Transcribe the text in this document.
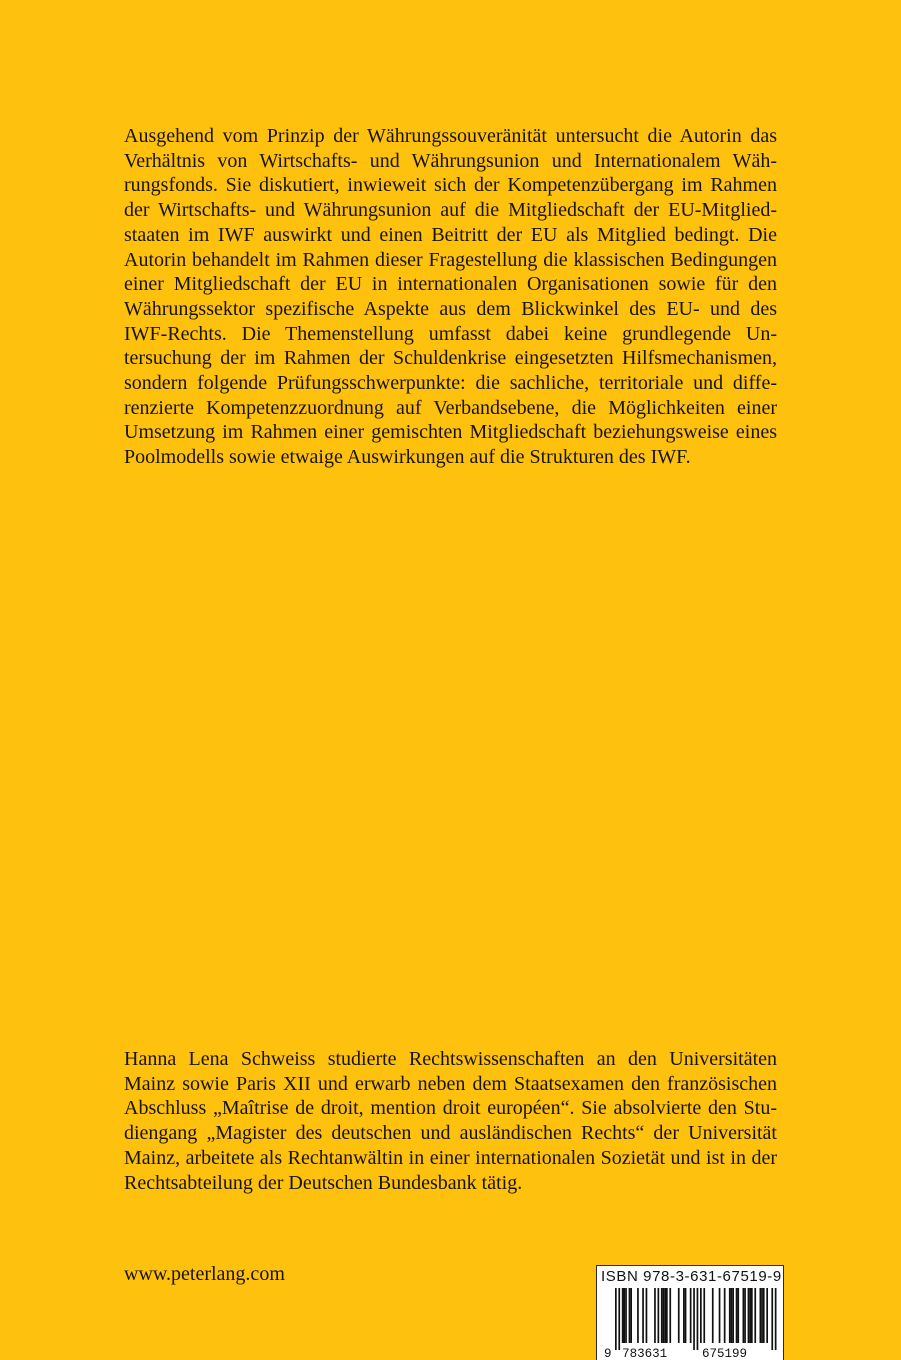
Ausgehend vom Prinzip der Währungssouveränität untersucht die Autorin das Verhältnis von Wirtschafts- und Währungsunion und Internationalem Währungsfonds. Sie diskutiert, inwieweit sich der Kompetenzübergang im Rahmen der Wirtschafts- und Währungsunion auf die Mitgliedschaft der EU-Mitgliedstaaten im IWF auswirkt und einen Beitritt der EU als Mitglied bedingt. Die Autorin behandelt im Rahmen dieser Fragestellung die klassischen Bedingungen einer Mitgliedschaft der EU in internationalen Organisationen sowie für den Währungssektor spezifische Aspekte aus dem Blickwinkel des EU- und des IWF-Rechts. Die Themenstellung umfasst dabei keine grundlegende Untersuchung der im Rahmen der Schuldenkrise eingesetzten Hilfsmechanismen, sondern folgende Prüfungsschwerpunkte: die sachliche, territoriale und differenzierte Kompetenzzuordnung auf Verbandsebene, die Möglichkeiten einer Umsetzung im Rahmen einer gemischten Mitgliedschaft beziehungsweise eines Poolmodells sowie etwaige Auswirkungen auf die Strukturen des IWF.

Hanna Lena Schweiss studierte Rechtswissenschaften an den Universitäten Mainz sowie Paris XII und erwarb neben dem Staatsexamen den französischen Abschluss „Maîtrise de droit, mention droit européen“. Sie absolvierte den Studiengang „Magister des deutschen und ausländischen Rechts“ der Universität Mainz, arbeitete als Rechtanwältin in einer internationalen Sozietät und ist in der Rechtsabteilung der Deutschen Bundesbank tätig.

www.peterlang.com	ISBN 978-3-631-67519-9
9 783631	675199
